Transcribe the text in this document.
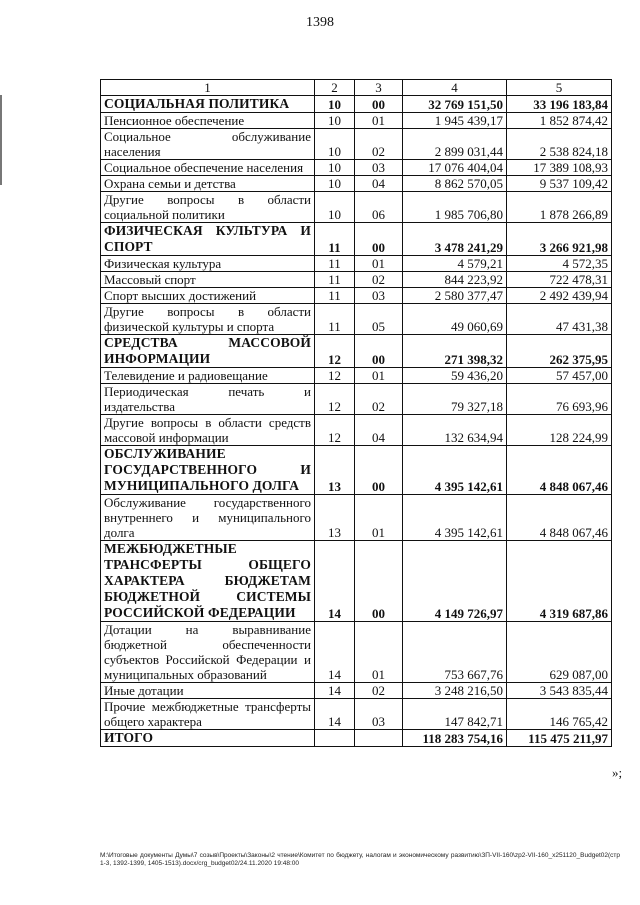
1398
1	2	3	4	5
СОЦИАЛЬНАЯ ПОЛИТИКА	10	00	32 769 151,50	33 196 183,84
Пенсионное обеспечение	10	01	1 945 439,17	1 852 874,42
Социальное обслуживание населения	10	02	2 899 031,44	2 538 824,18
Социальное обеспечение населения	10	03	17 076 404,04	17 389 108,93
Охрана семьи и детства	10	04	8 862 570,05	9 537 109,42
Другие вопросы в области социальной политики	10	06	1 985 706,80	1 878 266,89
ФИЗИЧЕСКАЯ КУЛЬТУРА И СПОРТ	11	00	3 478 241,29	3 266 921,98
Физическая культура	11	01	4 579,21	4 572,35
Массовый спорт	11	02	844 223,92	722 478,31
Спорт высших достижений	11	03	2 580 377,47	2 492 439,94
Другие вопросы в области физической культуры и спорта	11	05	49 060,69	47 431,38
СРЕДСТВА МАССОВОЙ ИНФОРМАЦИИ	12	00	271 398,32	262 375,95
Телевидение и радиовещание	12	01	59 436,20	57 457,00
Периодическая печать и издательства	12	02	79 327,18	76 693,96
Другие вопросы в области средств массовой информации	12	04	132 634,94	128 224,99
ОБСЛУЖИВАНИЕ ГОСУДАРСТВЕННОГО И МУНИЦИПАЛЬНОГО ДОЛГА	13	00	4 395 142,61	4 848 067,46
Обслуживание государственного внутреннего и муниципального долга	13	01	4 395 142,61	4 848 067,46
МЕЖБЮДЖЕТНЫЕ ТРАНСФЕРТЫ ОБЩЕГО ХАРАКТЕРА БЮДЖЕТАМ БЮДЖЕТНОЙ СИСТЕМЫ РОССИЙСКОЙ ФЕДЕРАЦИИ	14	00	4 149 726,97	4 319 687,86
Дотации на выравнивание бюджетной обеспеченности субъектов Российской Федерации и муниципальных образований	14	01	753 667,76	629 087,00
Иные дотации	14	02	3 248 216,50	3 543 835,44
Прочие межбюджетные трансферты общего характера	14	03	147 842,71	146 765,42
ИТОГО			118 283 754,16	115 475 211,97
»;
M:\Итоговые документы Думы\7 созыв\Проекты\Законы\2 чтение\Комитет по бюджету, налогам и экономическому развитию\ЗП-VII-160\zp2-VII-160_x251120_Budget02(стр 1-3, 1392-1399, 1405-1513).docx/crg_budget02/24.11.2020 19:48:00
